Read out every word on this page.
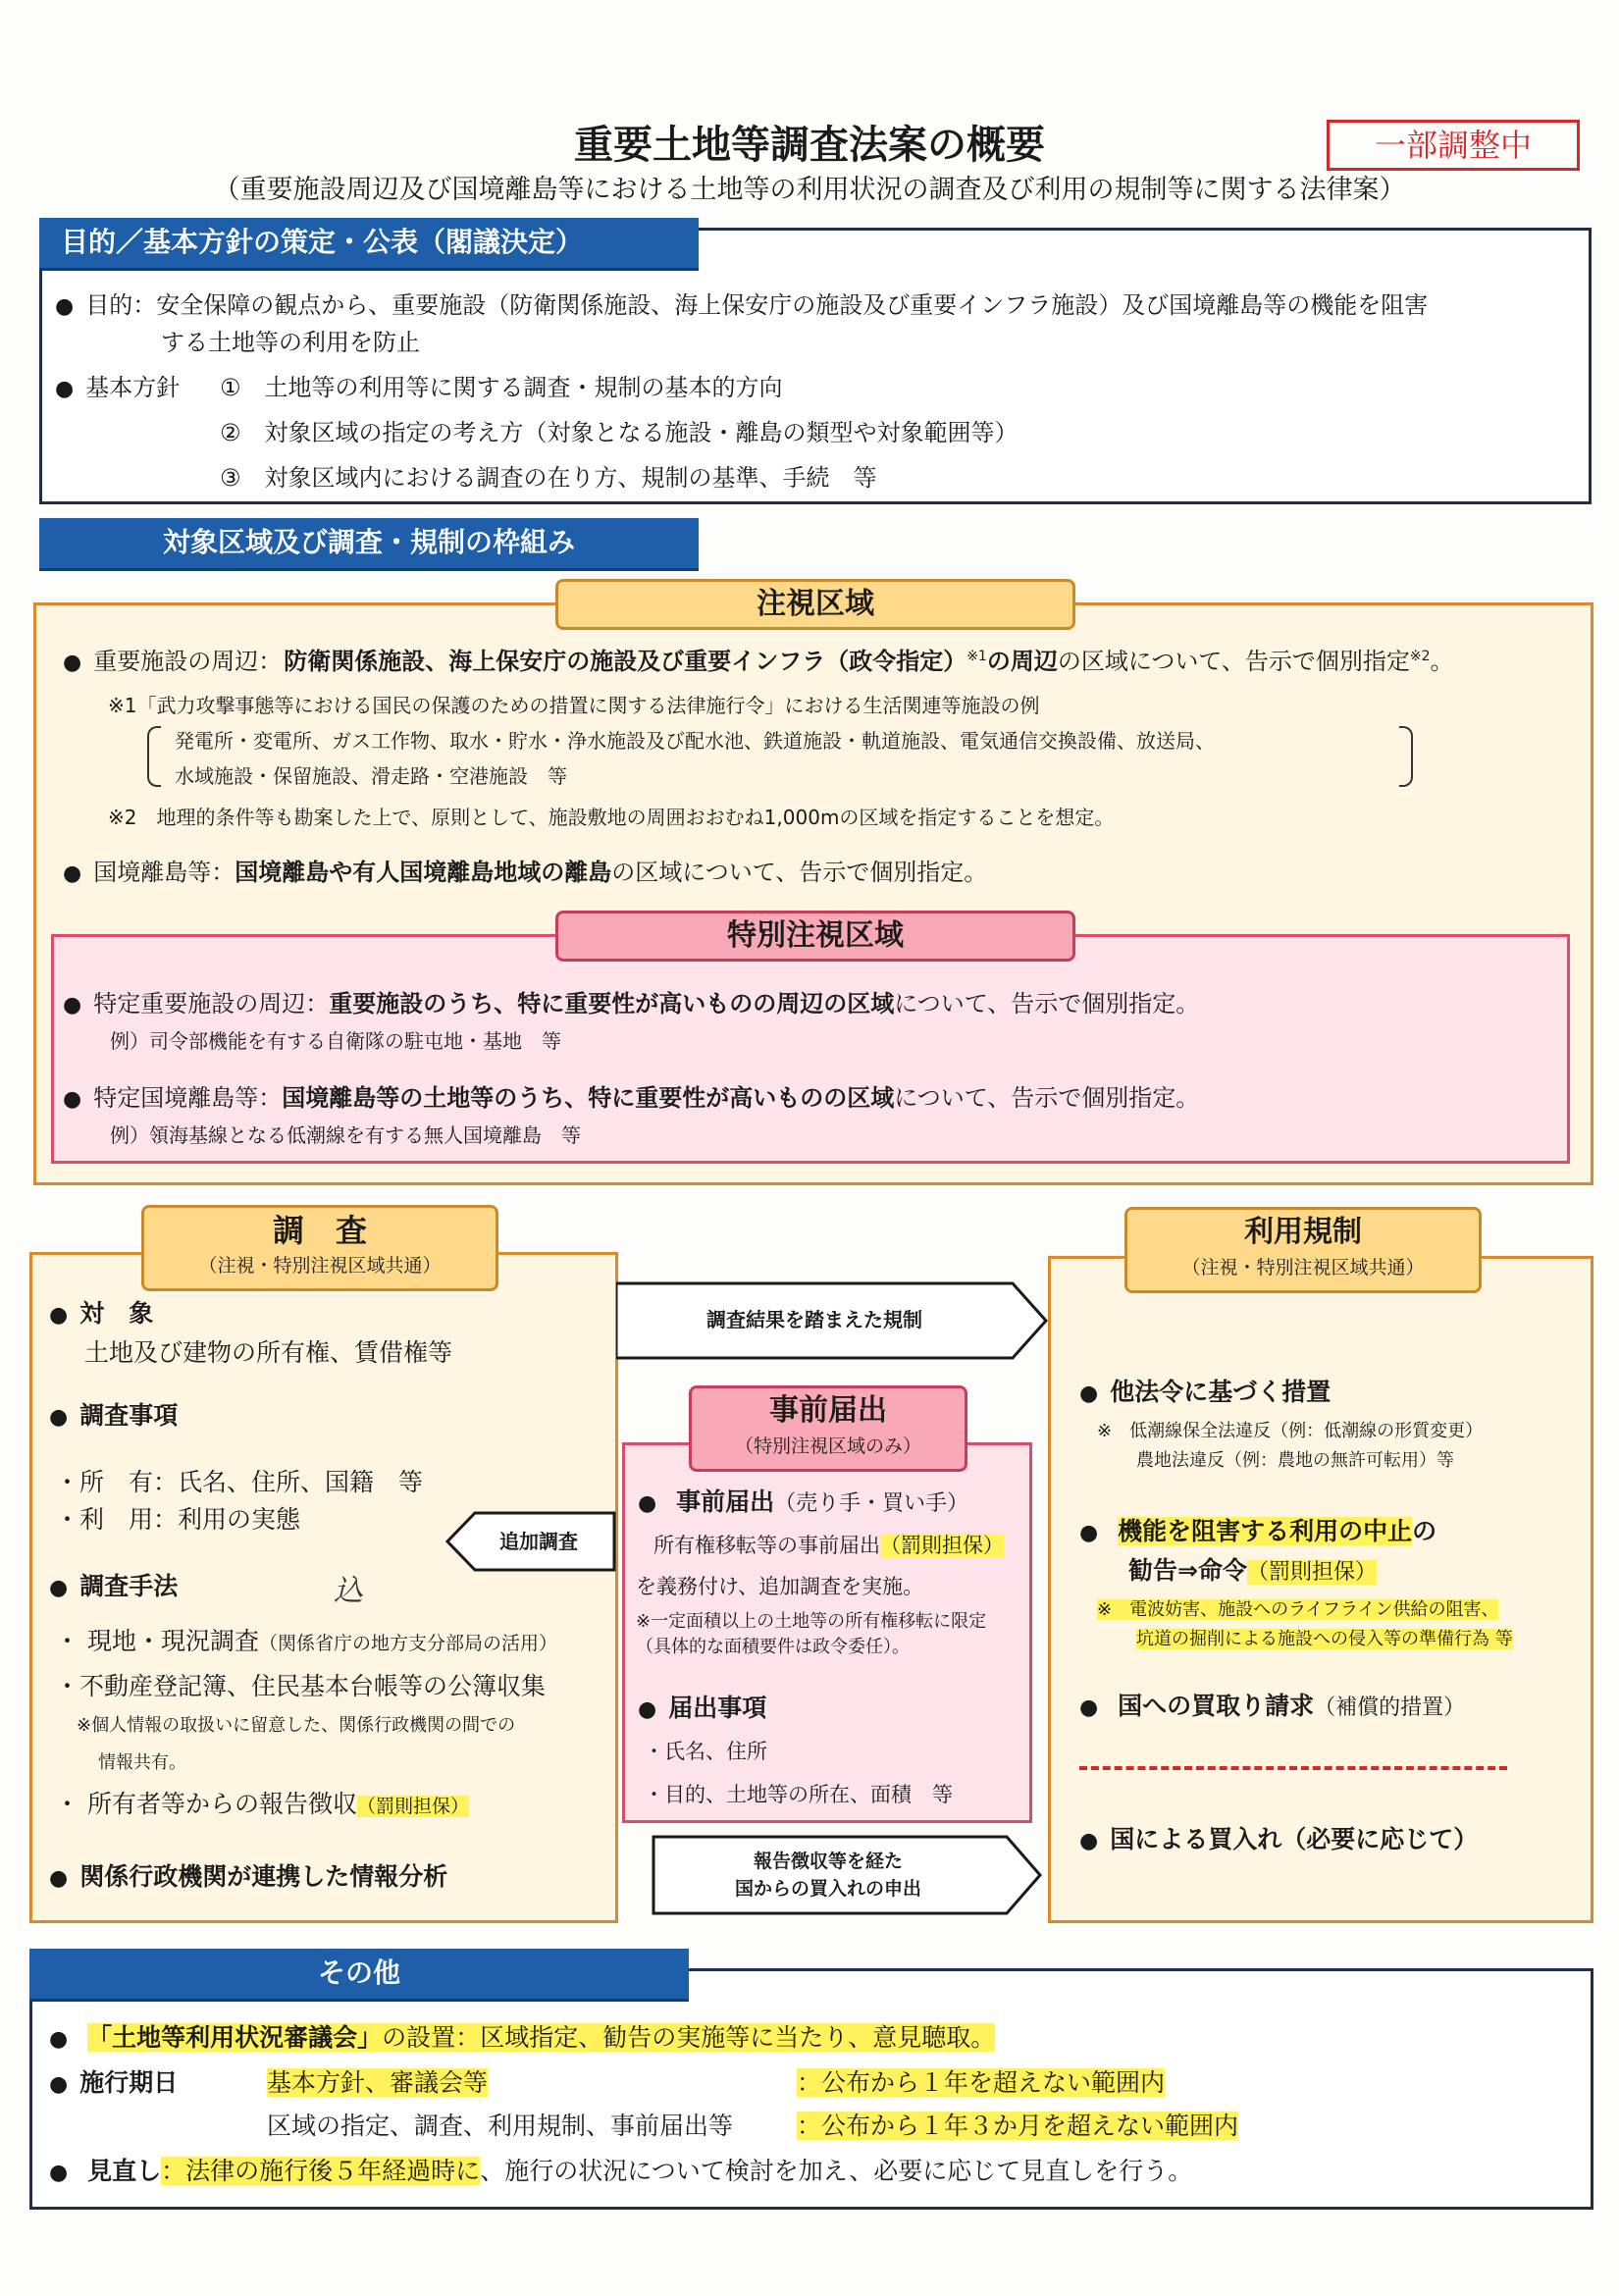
重要土地等調査法案の概要	一部調整中
（重要施設周辺及び国境離島等における土地等の利用状況の調査及び利用の規制等に関する法律案）
目的／基本方針の策定・公表（閣議決定）
● 目的：安全保障の観点から、重要施設（防衛関係施設、海上保安庁の施設及び重要インフラ施設）及び国境離島等の機能を阻害
する土地等の利用を防止
● 基本方針 ①　土地等の利用等に関する調査・規制の基本的方向
②　対象区域の指定の考え方（対象となる施設・離島の類型や対象範囲等）
③　対象区域内における調査の在り方、規制の基準、手続　等
対象区域及び調査・規制の枠組み
注視区域
● 重要施設の周辺：防衛関係施設、海上保安庁の施設及び重要インフラ（政令指定）$^{※1}$の周辺の区域について、告示で個別指定$^{※2}$。
※1「武力攻撃事態等における国民の保護のための措置に関する法律施行令」における生活関連等施設の例
発電所・変電所、ガス工作物、取水・貯水・浄水施設及び配水池、鉄道施設・軌道施設、電気通信交換設備、放送局、
水域施設・保留施設、滑走路・空港施設　等
※2　地理的条件等も勘案した上で、原則として、施設敷地の周囲おおむね1,000mの区域を指定することを想定。
● 国境離島等：国境離島や有人国境離島地域の離島の区域について、告示で個別指定。
特別注視区域
● 特定重要施設の周辺：重要施設のうち、特に重要性が高いものの周辺の区域について、告示で個別指定。
例）司令部機能を有する自衛隊の駐屯地・基地　等
● 特定国境離島等：国境離島等の土地等のうち、特に重要性が高いものの区域について、告示で個別指定。
例）領海基線となる低潮線を有する無人国境離島　等
調　査
（注視・特別注視区域共通）
● 対　象
土地及び建物の所有権、賃借権等
● 調査事項
・ 所　有：氏名、住所、国籍　等
・ 利　用：利用の実態
● 調査手法	込
・ 現地・現況調査（関係省庁の地方支分部局の活用）
・ 不動産登記簿、住民基本台帳等の公簿収集
※個人情報の取扱いに留意した、関係行政機関の間での
情報共有。
・ 所有者等からの報告徴収（罰則担保）
● 関係行政機関が連携した情報分析
調査結果を踏まえた規制
追加調査
報告徴収等を経た
国からの買入れの申出
事前届出
（特別注視区域のみ）
● 事前届出（売り手・買い手）
所有権移転等の事前届出（罰則担保）
を義務付け、追加調査を実施。
※一定面積以上の土地等の所有権移転に限定
（具体的な面積要件は政令委任）。
● 届出事項
・ 氏名、住所
・ 目的、土地等の所在、面積　等
利用規制
（注視・特別注視区域共通）
● 他法令に基づく措置
※　低潮線保全法違反（例：低潮線の形質変更）
農地法違反（例：農地の無許可転用）等
● 機能を阻害する利用の中止の
勧告⇒命令（罰則担保）
※　電波妨害、施設へのライフライン供給の阻害、
坑道の掘削による施設への侵入等の準備行為 等
● 国への買取り請求（補償的措置）
● 国による買入れ（必要に応じて）
その他
● 「土地等利用状況審議会」の設置：区域指定、勧告の実施等に当たり、意見聴取。
● 施行期日	基本方針、審議会等	：公布から１年を超えない範囲内
区域の指定、調査、利用規制、事前届出等	：公布から１年３か月を超えない範囲内
● 見直し：法律の施行後５年経過時に、施行の状況について検討を加え、必要に応じて見直しを行う。
